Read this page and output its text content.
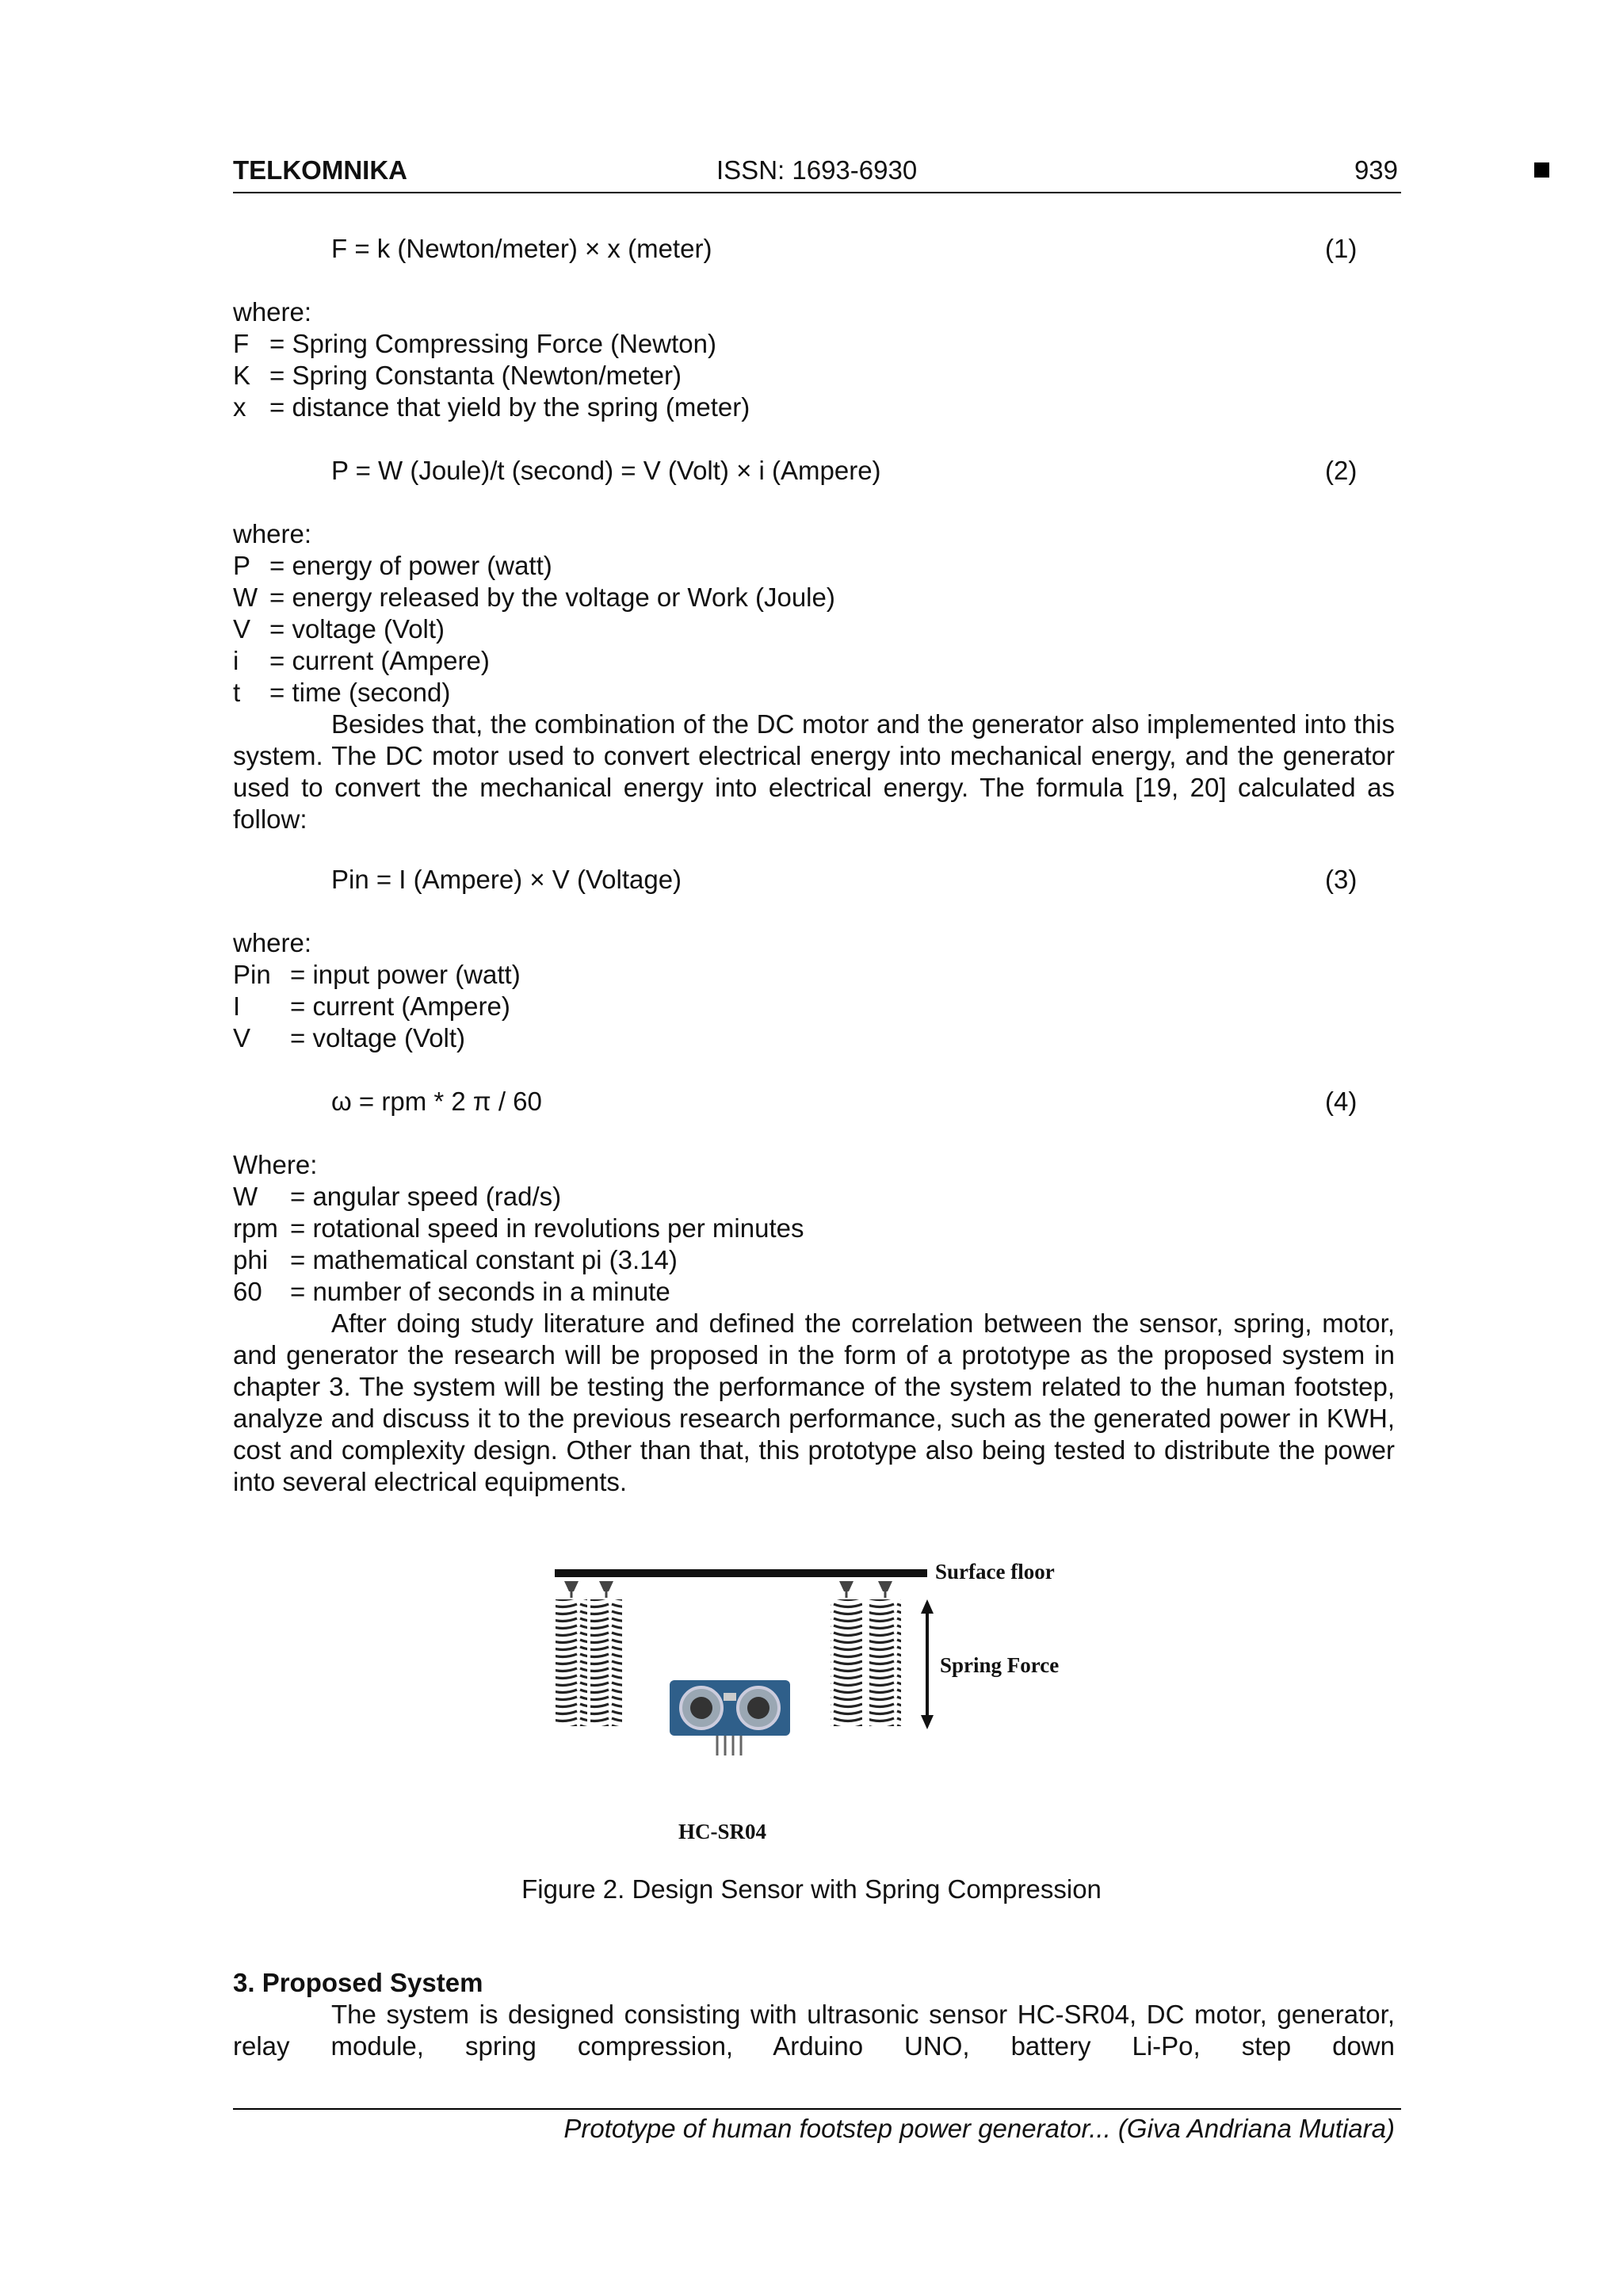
TELKOMNIKA	ISSN: 1693-6930	939
F = k (Newton/meter) × x (meter)	(1)
where:
F = Spring Compressing Force (Newton)
K = Spring Constanta (Newton/meter)
x = distance that yield by the spring (meter)
P = W (Joule)/t (second) = V (Volt) × i (Ampere)	(2)
where:
P = energy of power (watt)
W = energy released by the voltage or Work (Joule)
V = voltage (Volt)
i = current (Ampere)
t = time (second)

Besides that, the combination of the DC motor and the generator also implemented into this system. The DC motor used to convert electrical energy into mechanical energy, and the generator used to convert the mechanical energy into electrical energy. The formula [19, 20] calculated as follow:

Pin = I (Ampere) × V (Voltage)	(3)
where:
Pin = input power (watt)
I = current (Ampere)
V = voltage (Volt)
ω = rpm * 2 π / 60	(4)
Where:
W = angular speed (rad/s)
rpm = rotational speed in revolutions per minutes
phi = mathematical constant pi (3.14)
60 = number of seconds in a minute

After doing study literature and defined the correlation between the sensor, spring, motor, and generator the research will be proposed in the form of a prototype as the proposed system in chapter 3. The system will be testing the performance of the system related to the human footstep, analyze and discuss it to the previous research performance, such as the generated power in KWH, cost and complexity design. Other than that, this prototype also being tested to distribute the power into several electrical equipments.

Surface floor
Spring Force
HC-SR04
Figure 2. Design Sensor with Spring Compression
3. Proposed System

The system is designed consisting with ultrasonic sensor HC-SR04, DC motor, generator, relay module, spring compression, Arduino UNO, battery Li-Po, step down

Prototype of human footstep power generator... (Giva Andriana Mutiara)
